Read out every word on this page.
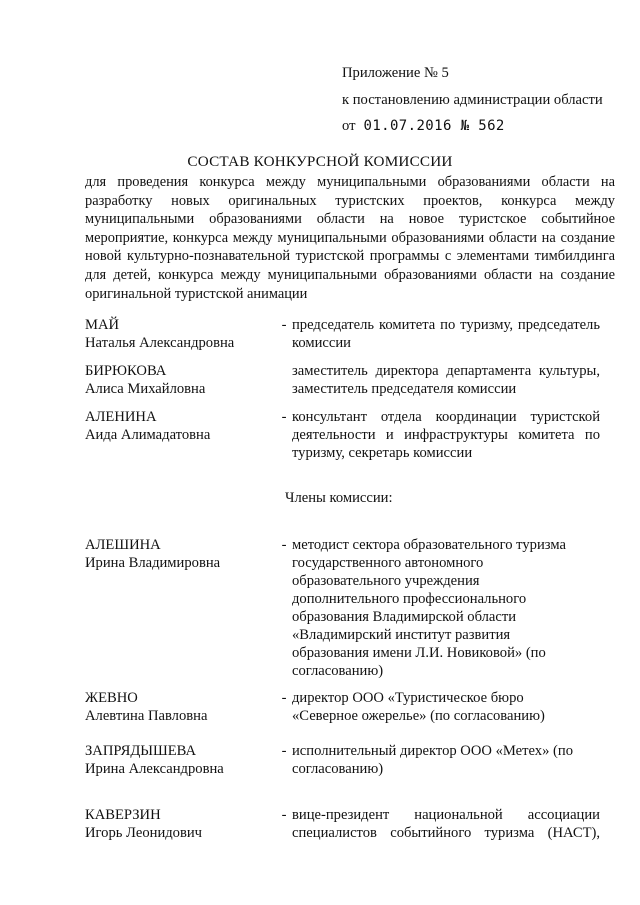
Приложение № 5
к постановлению администрации области
от 01.07.2016 № 562
СОСТАВ КОНКУРСНОЙ КОМИССИИ
для проведения конкурса между муниципальными образованиями области на разработку новых оригинальных туристских проектов, конкурса между муниципальными образованиями области на новое туристское событийное мероприятие, конкурса между муниципальными образованиями области на создание новой культурно-познавательной туристской программы с элементами тимбилдинга для детей, конкурса между муниципальными образованиями области на создание оригинальной туристской анимации
МАЙ
Наталья Александровна
- председатель комитета по туризму, председатель комиссии
БИРЮКОВА
Алиса Михайловна
заместитель директора департамента культуры, заместитель председателя комиссии
АЛЕНИНА
Аида Алимадатовна
- консультант отдела координации туристской деятельности и инфраструктуры комитета по туризму, секретарь комиссии
Члены комиссии:
АЛЕШИНА
Ирина Владимировна
- методист сектора образовательного туризма государственного автономного образовательного учреждения дополнительного профессионального образования Владимирской области «Владимирский институт развития образования имени Л.И. Новиковой» (по согласованию)
ЖЕВНО
Алевтина Павловна
- директор ООО «Туристическое бюро «Северное ожерелье» (по согласованию)
ЗАПРЯДЫШЕВА
Ирина Александровна
- исполнительный директор ООО «Метех» (по согласованию)
КАВЕРЗИН
Игорь Леонидович
- вице-президент национальной ассоциации специалистов событийного туризма (НАСТ),
